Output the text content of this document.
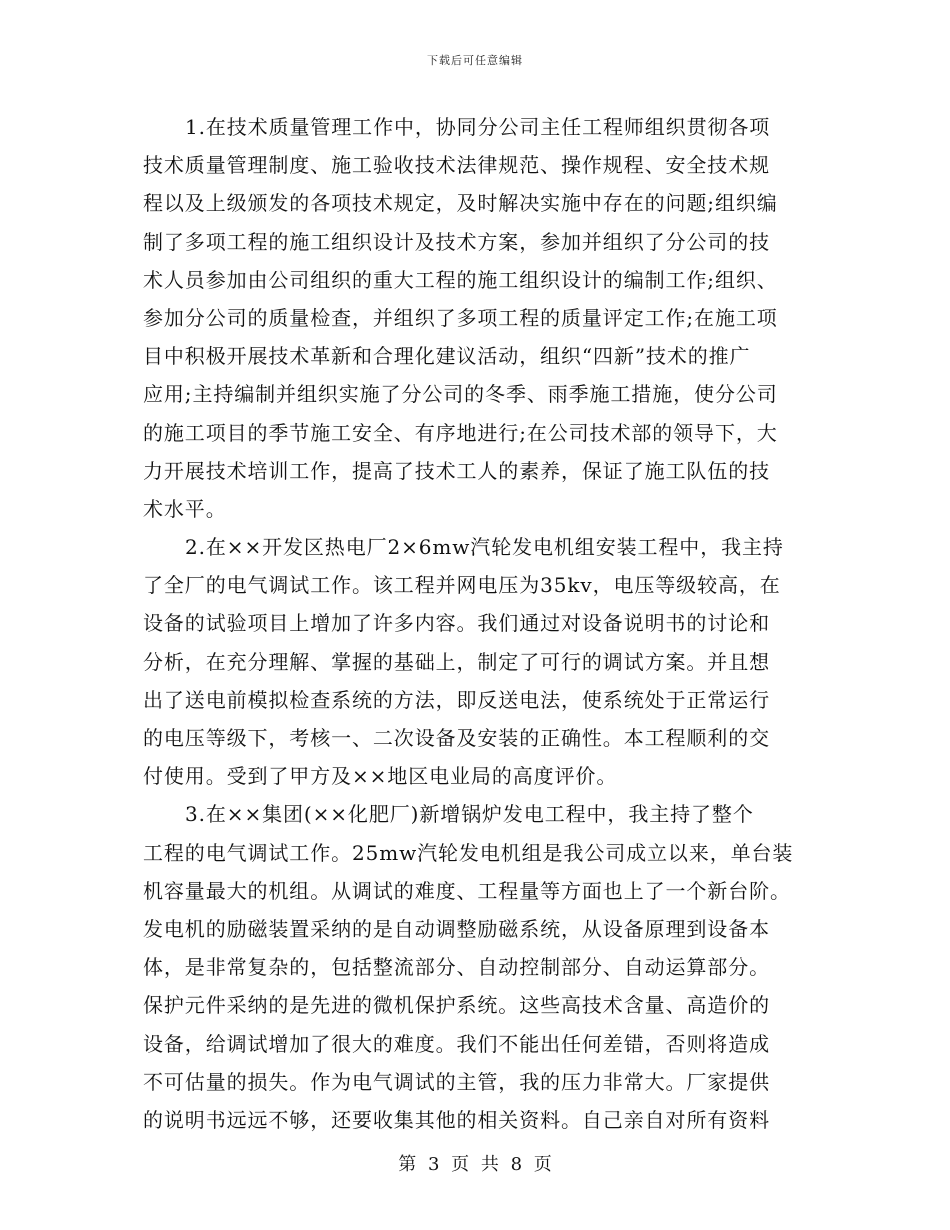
下载后可任意编辑
1.在技术质量管理工作中，协同分公司主任工程师组织贯彻各项
技术质量管理制度、施工验收技术法律规范、操作规程、安全技术规
程以及上级颁发的各项技术规定，及时解决实施中存在的问题;组织编
制了多项工程的施工组织设计及技术方案，参加并组织了分公司的技
术人员参加由公司组织的重大工程的施工组织设计的编制工作;组织、
参加分公司的质量检查，并组织了多项工程的质量评定工作;在施工项
目中积极开展技术革新和合理化建议活动，组织“四新”技术的推广
应用;主持编制并组织实施了分公司的冬季、雨季施工措施，使分公司
的施工项目的季节施工安全、有序地进行;在公司技术部的领导下，大
力开展技术培训工作，提高了技术工人的素养，保证了施工队伍的技
术水平。
2.在××开发区热电厂2×6mw汽轮发电机组安装工程中，我主持
了全厂的电气调试工作。该工程并网电压为35kv，电压等级较高，在
设备的试验项目上增加了许多内容。我们通过对设备说明书的讨论和
分析，在充分理解、掌握的基础上，制定了可行的调试方案。并且想
出了送电前模拟检查系统的方法，即反送电法，使系统处于正常运行
的电压等级下，考核一、二次设备及安装的正确性。本工程顺利的交
付使用。受到了甲方及××地区电业局的高度评价。
3.在××集团(××化肥厂)新增锅炉发电工程中，我主持了整个
工程的电气调试工作。25mw汽轮发电机组是我公司成立以来，单台装
机容量最大的机组。从调试的难度、工程量等方面也上了一个新台阶。
发电机的励磁装置采纳的是自动调整励磁系统，从设备原理到设备本
体，是非常复杂的，包括整流部分、自动控制部分、自动运算部分。
保护元件采纳的是先进的微机保护系统。这些高技术含量、高造价的
设备，给调试增加了很大的难度。我们不能出任何差错，否则将造成
不可估量的损失。作为电气调试的主管，我的压力非常大。厂家提供
的说明书远远不够，还要收集其他的相关资料。自己亲自对所有资料
第 3 页 共 8 页
